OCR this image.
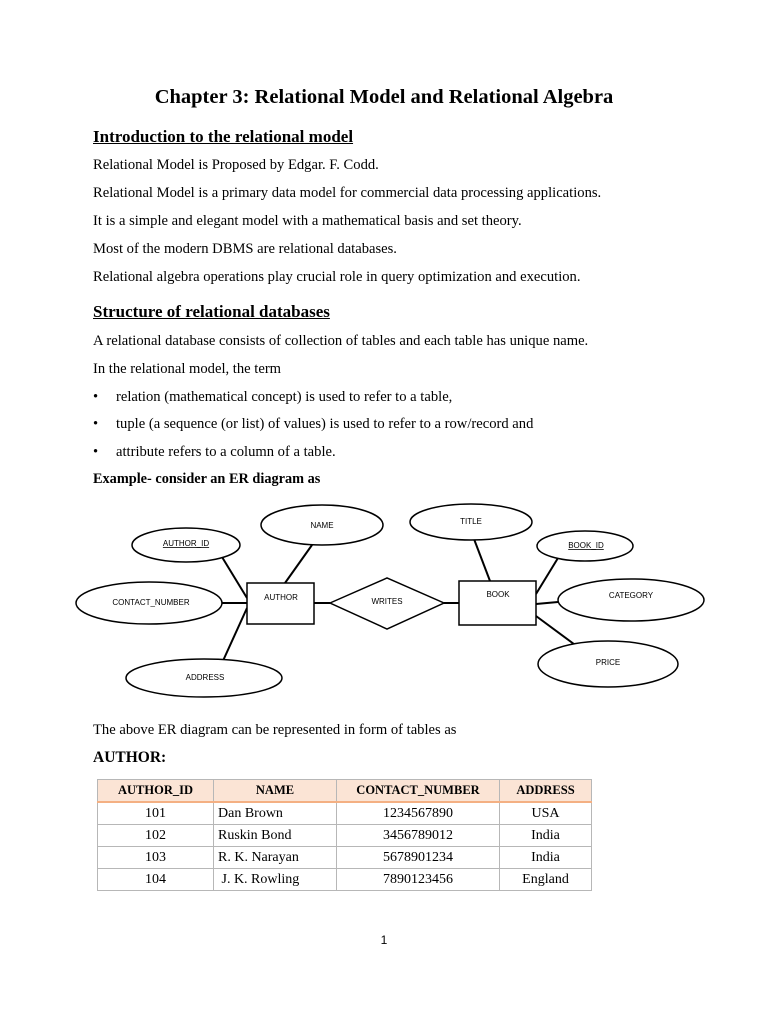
Chapter 3: Relational Model and Relational Algebra
Introduction to the relational model

Relational Model is Proposed by Edgar. F. Codd.

Relational Model is a primary data model for commercial data processing applications.

It is a simple and elegant model with a mathematical basis and set theory.

Most of the modern DBMS are relational databases.

Relational algebra operations play crucial role in query optimization and execution.

Structure of relational databases

A relational database consists of collection of tables and each table has unique name.

In the relational model, the term

• relation (mathematical concept) is used to refer to a table,

• tuple (a sequence (or list) of values) is used to refer to a row/record and

• attribute refers to a column of a table.

Example- consider an ER diagram as

AUTHOR_ID
NAME
CONTACT_NUMBER
ADDRESS
TITLE
BOOK_ID
CATEGORY
PRICE
AUTHOR	BOOK
WRITES

The above ER diagram can be represented in form of tables as

AUTHOR:

AUTHOR_ID	NAME	CONTACT_NUMBER	ADDRESS
101	Dan Brown	1234567890	USA
102	Ruskin Bond	3456789012	India
103	R. K. Narayan	5678901234	India
104	J. K. Rowling	7890123456	England
1
